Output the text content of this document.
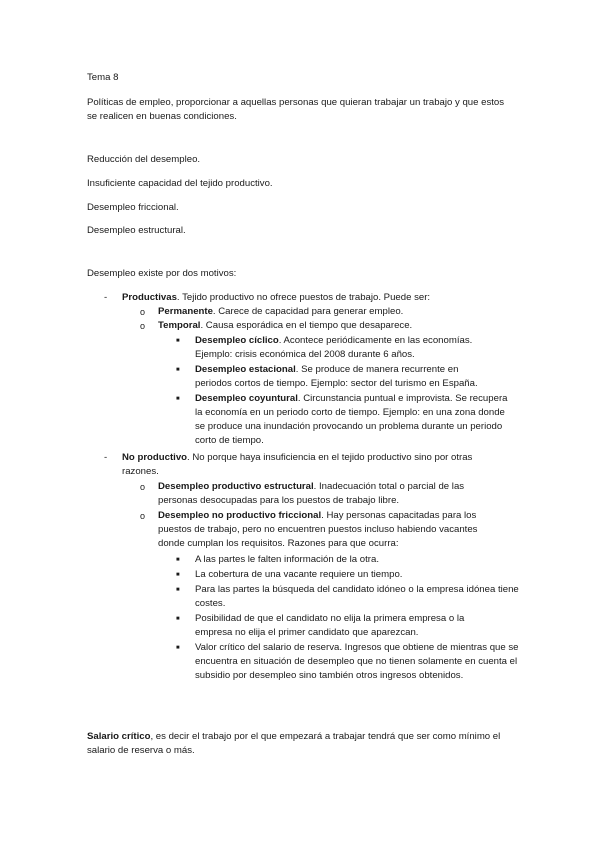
Tema 8

Políticas de empleo, proporcionar a aquellas personas que quieran trabajar un trabajo y que estos se realicen en buenas condiciones.

Reducción del desempleo.

Insuficiente capacidad del tejido productivo.

Desempleo friccional.

Desempleo estructural.

Desempleo existe por dos motivos:

- Productivas. Tejido productivo no ofrece puestos de trabajo. Puede ser:

o Permanente. Carece de capacidad para generar empleo.

o Temporal. Causa esporádica en el tiempo que desaparece.

■ Desempleo cíclico. Acontece periódicamente en las economías. Ejemplo: crisis económica del 2008 durante 6 años.

■ Desempleo estacional. Se produce de manera recurrente en periodos cortos de tiempo. Ejemplo: sector del turismo en España.

■ Desempleo coyuntural. Circunstancia puntual e improvista. Se recupera la economía en un periodo corto de tiempo. Ejemplo: en una zona donde se produce una inundación provocando un problema durante un periodo corto de tiempo.

- No productivo. No porque haya insuficiencia en el tejido productivo sino por otras razones.

o Desempleo productivo estructural. Inadecuación total o parcial de las personas desocupadas para los puestos de trabajo libre.

o Desempleo no productivo friccional. Hay personas capacitadas para los puestos de trabajo, pero no encuentren puestos incluso habiendo vacantes donde cumplan los requisitos. Razones para que ocurra:

■ A las partes le falten información de la otra.

■ La cobertura de una vacante requiere un tiempo.

■ Para las partes la búsqueda del candidato idóneo o la empresa idónea tiene costes.

■ Posibilidad de que el candidato no elija la primera empresa o la empresa no elija el primer candidato que aparezcan.

■ Valor crítico del salario de reserva. Ingresos que obtiene de mientras que se encuentra en situación de desempleo que no tienen solamente en cuenta el subsidio por desempleo sino también otros ingresos obtenidos.

Salario crítico, es decir el trabajo por el que empezará a trabajar tendrá que ser como mínimo el salario de reserva o más.
